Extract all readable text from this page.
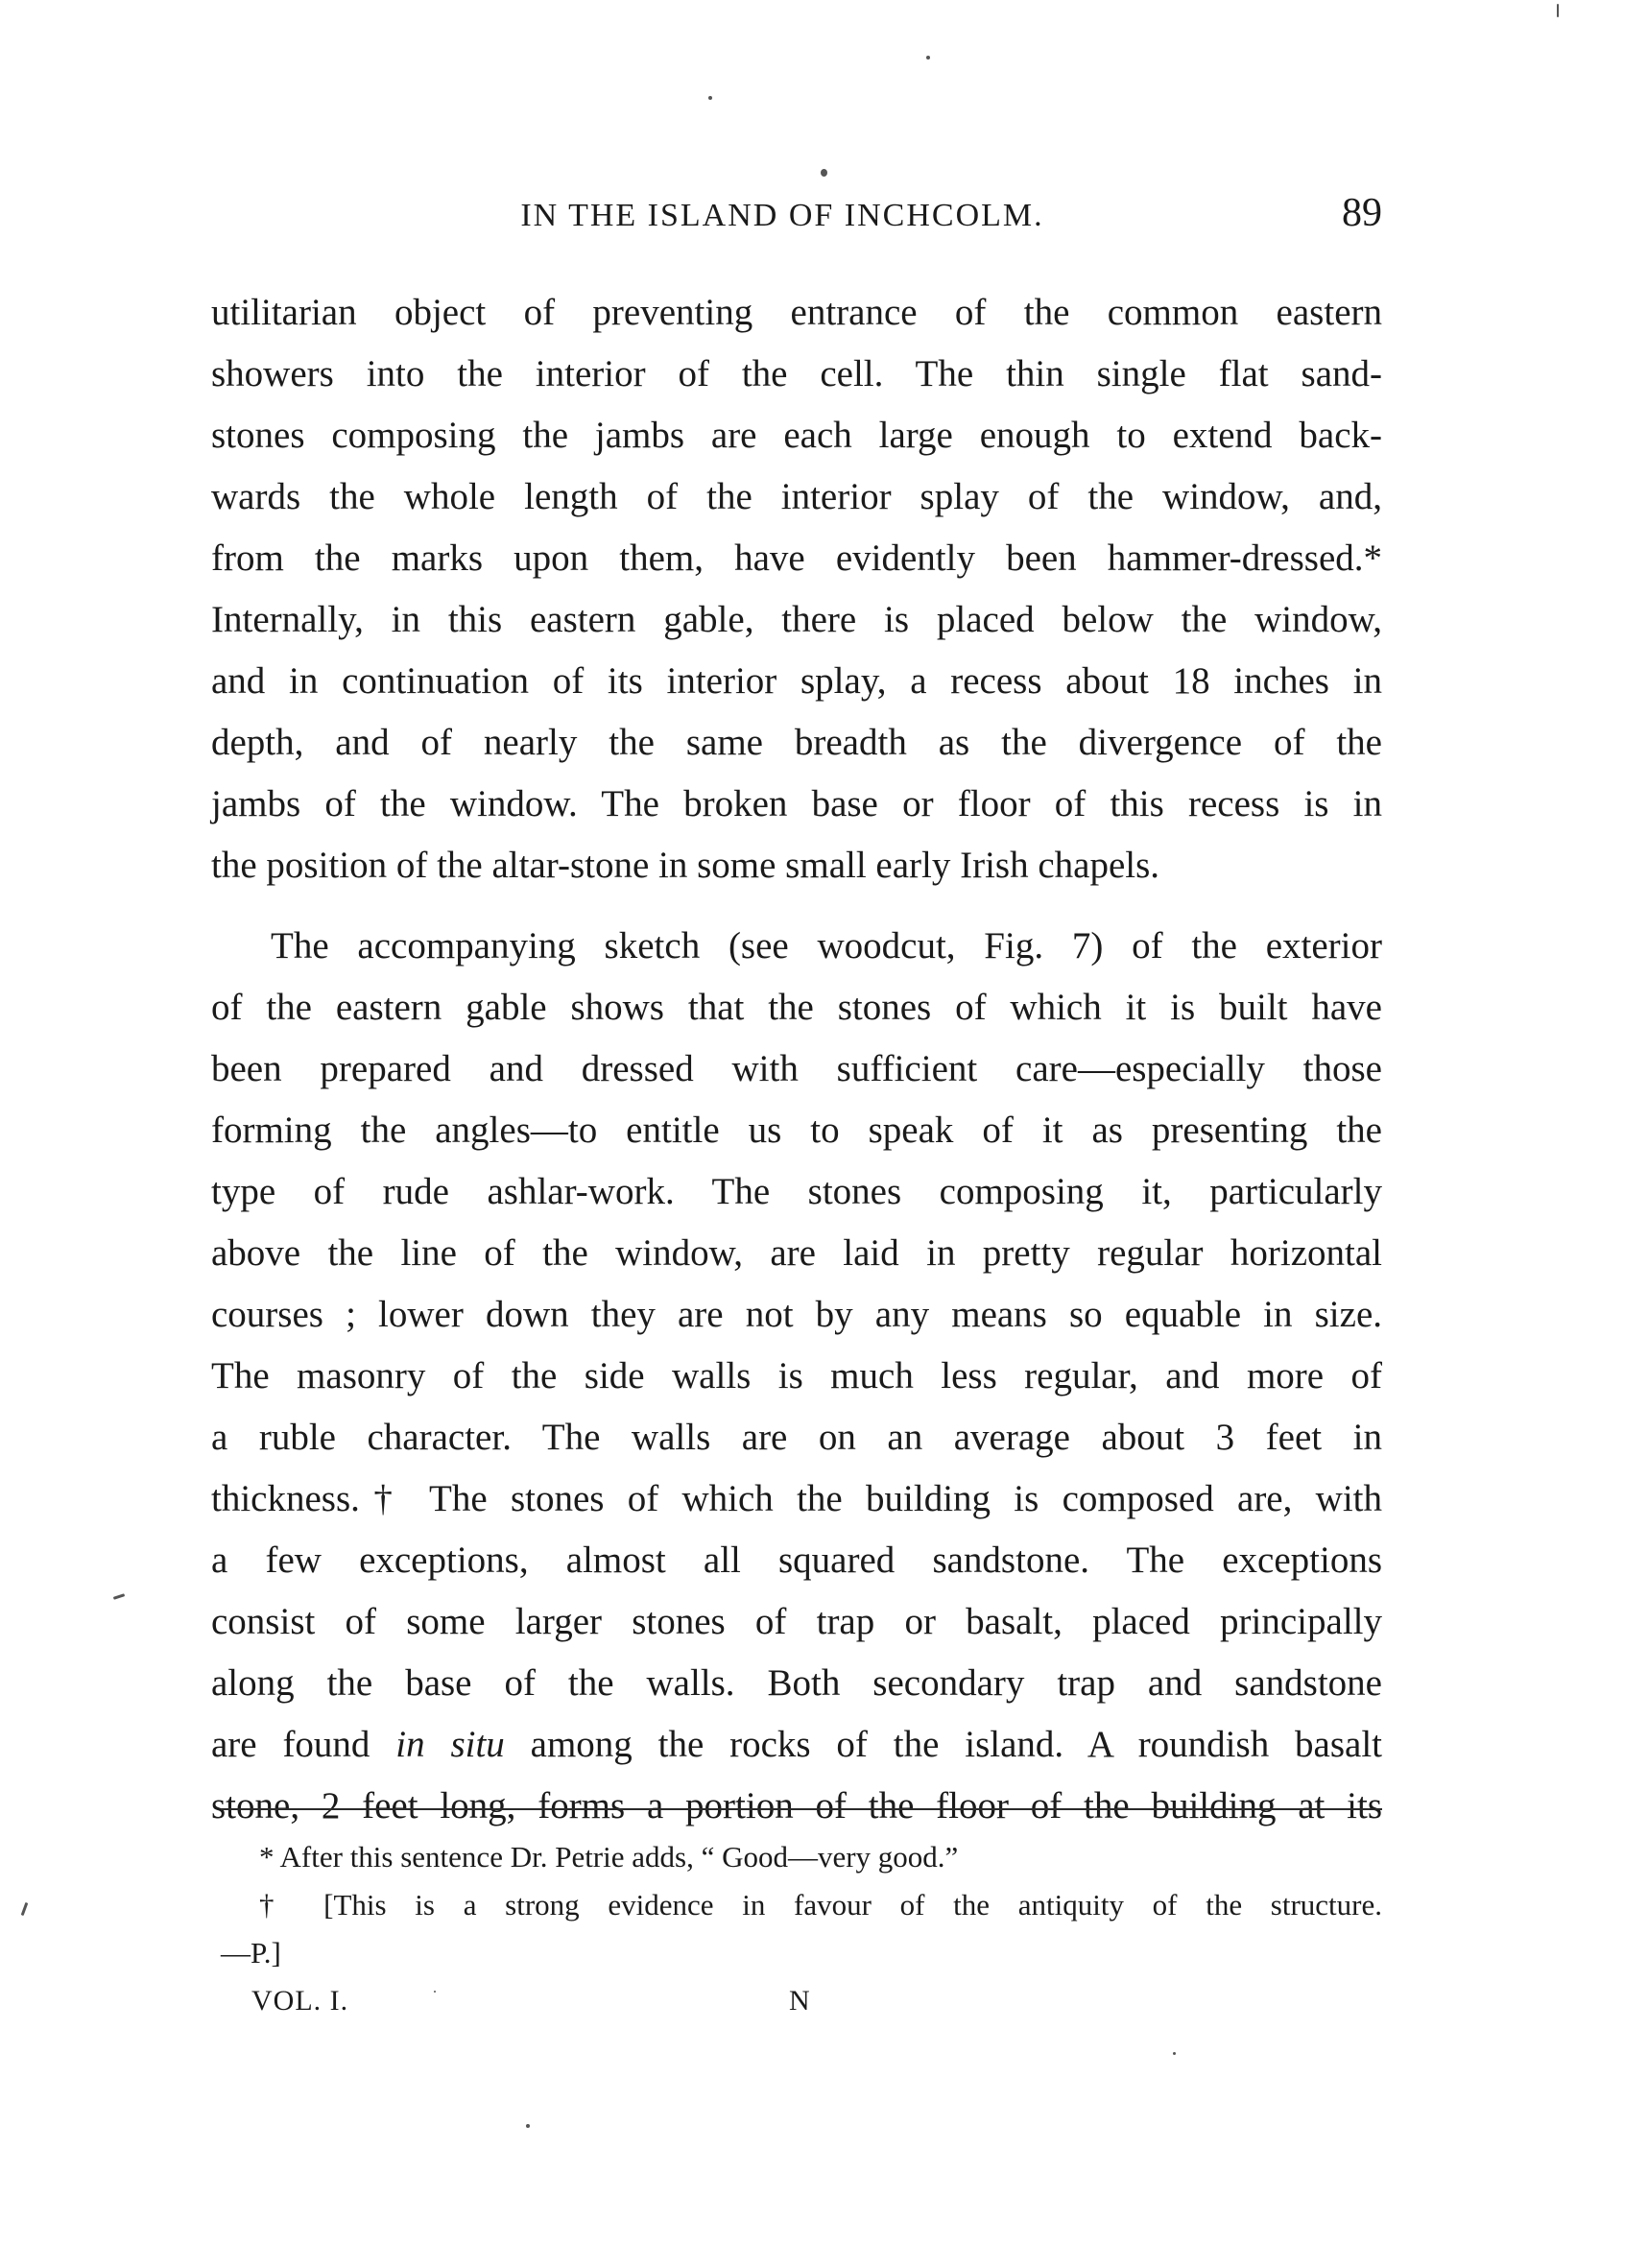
IN THE ISLAND OF INCHCOLM.	89
utilitarian object of preventing entrance of the common eastern
showers into the interior of the cell. The thin single flat sand-
stones composing the jambs are each large enough to extend back-
wards the whole length of the interior splay of the window, and,
from the marks upon them, have evidently been hammer-dressed.*
Internally, in this eastern gable, there is placed below the window,
and in continuation of its interior splay, a recess about 18 inches in
depth, and of nearly the same breadth as the divergence of the
jambs of the window. The broken base or floor of this recess is in
the position of the altar-stone in some small early Irish chapels.
The accompanying sketch (see woodcut, Fig. 7) of the exterior
of the eastern gable shows that the stones of which it is built have
been prepared and dressed with sufficient care—especially those
forming the angles—to entitle us to speak of it as presenting the
type of rude ashlar-work. The stones composing it, particularly
above the line of the window, are laid in pretty regular horizontal
courses ; lower down they are not by any means so equable in size.
The masonry of the side walls is much less regular, and more of
a ruble character. The walls are on an average about 3 feet in
thickness.† The stones of which the building is composed are, with
a few exceptions, almost all squared sandstone. The exceptions
consist of some larger stones of trap or basalt, placed principally
along the base of the walls. Both secondary trap and sandstone
are found in situ among the rocks of the island. A roundish basalt
stone, 2 feet long, forms a portion of the floor of the building at its
* After this sentence Dr. Petrie adds, “ Good—very good.”
† [This is a strong evidence in favour of the antiquity of the structure.
—P.]
VOL. I.	N
